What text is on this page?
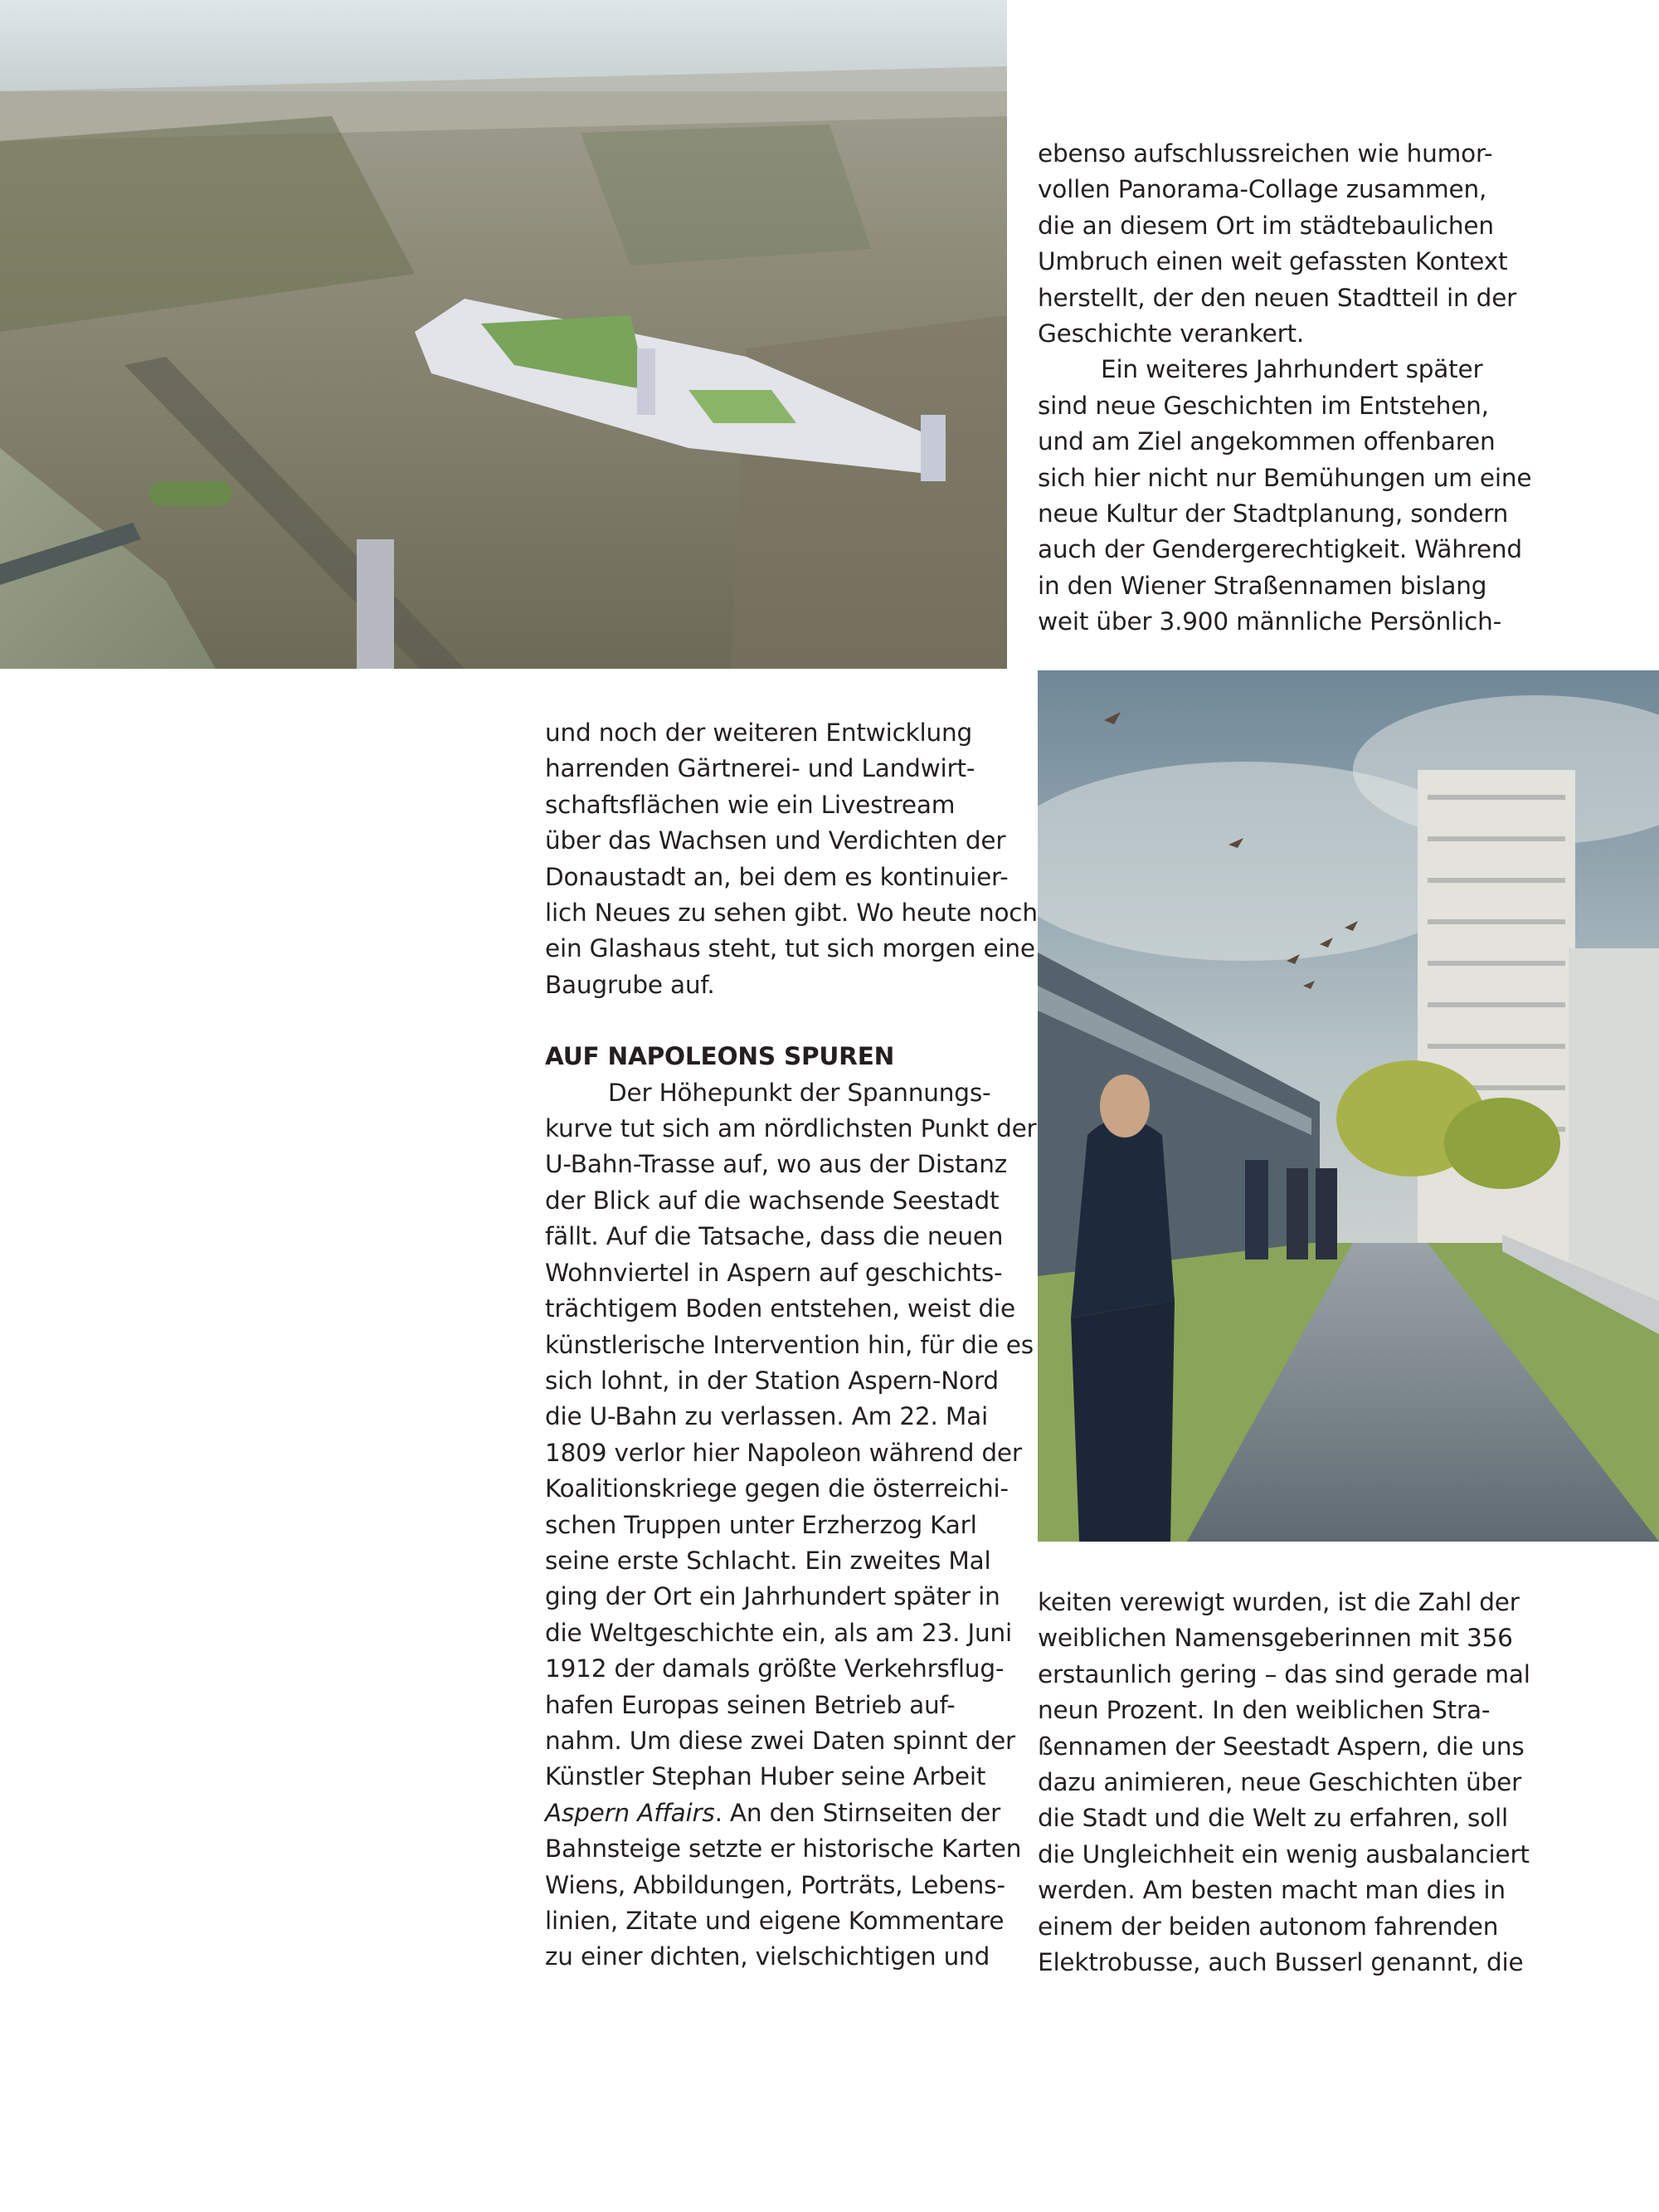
ebenso aufschlussreichen wie humor-
vollen Panorama-Collage zusammen,
die an diesem Ort im städtebaulichen
Umbruch einen weit gefassten Kontext
herstellt, der den neuen Stadtteil in der
Geschichte verankert.

Ein weiteres Jahrhundert später
sind neue Geschichten im Entstehen,
und am Ziel angekommen offenbaren
sich hier nicht nur Bemühungen um eine
neue Kultur der Stadtplanung, sondern
auch der Gendergerechtigkeit. Während
in den Wiener Straßennamen bislang
weit über 3.900 männliche Persönlich-

und noch der weiteren Entwicklung
harrenden Gärtnerei- und Landwirt-
schaftsflächen wie ein Livestream
über das Wachsen und Verdichten der
Donaustadt an, bei dem es kontinuier-
lich Neues zu sehen gibt. Wo heute noch
ein Glashaus steht, tut sich morgen eine
Baugrube auf.

AUF NAPOLEONS SPUREN

Der Höhepunkt der Spannungs-
kurve tut sich am nördlichsten Punkt der
U-Bahn-Trasse auf, wo aus der Distanz
der Blick auf die wachsende Seestadt
fällt. Auf die Tatsache, dass die neuen
Wohnviertel in Aspern auf geschichts-
trächtigem Boden entstehen, weist die
künstlerische Intervention hin, für die es
sich lohnt, in der Station Aspern-Nord
die U-Bahn zu verlassen. Am 22. Mai
1809 verlor hier Napoleon während der
Koalitionskriege gegen die österreichi-
schen Truppen unter Erzherzog Karl
seine erste Schlacht. Ein zweites Mal
ging der Ort ein Jahrhundert später in
die Weltgeschichte ein, als am 23. Juni
1912 der damals größte Verkehrsflug-
hafen Europas seinen Betrieb auf-
nahm. Um diese zwei Daten spinnt der
Künstler Stephan Huber seine Arbeit
Aspern Affairs. An den Stirnseiten der
Bahnsteige setzte er historische Karten
Wiens, Abbildungen, Porträts, Lebens-
linien, Zitate und eigene Kommentare
zu einer dichten, vielschichtigen und

keiten verewigt wurden, ist die Zahl der
weiblichen Namensgeberinnen mit 356
erstaunlich gering – das sind gerade mal
neun Prozent. In den weiblichen Stra-
ßennamen der Seestadt Aspern, die uns
dazu animieren, neue Geschichten über
die Stadt und die Welt zu erfahren, soll
die Ungleichheit ein wenig ausbalanciert
werden. Am besten macht man dies in
einem der beiden autonom fahrenden
Elektrobusse, auch Busserl genannt, die
